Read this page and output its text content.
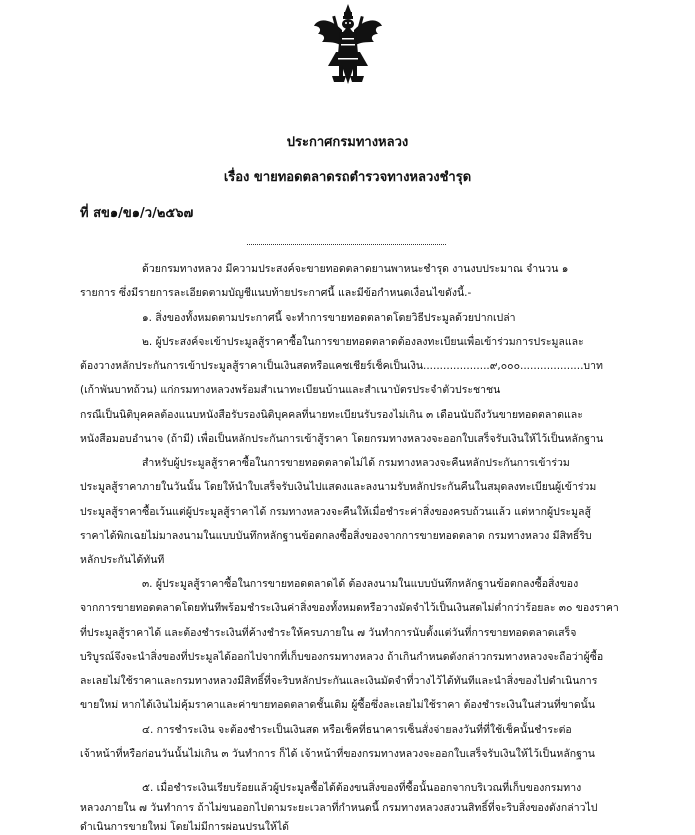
ประกาศกรมทางหลวง
เรื่อง ขายทอดตลาดรถตำรวจทางหลวงชำรุด
ที่ สข๑/ข๑/ว/๒๕๖๗
ด้วยกรมทางหลวง มีความประสงค์จะขายทอดตลาดยานพาหนะชำรุด งานงบประมาณ จำนวน ๑
รายการ ซึ่งมีรายการละเอียดตามบัญชีแนบท้ายประกาศนี้ และมีข้อกำหนดเงื่อนไขดังนี้.-
๑. สิ่งของทั้งหมดตามประกาศนี้ จะทำการขายทอดตลาดโดยวิธีประมูลด้วยปากเปล่า
๒. ผู้ประสงค์จะเข้าประมูลสู้ราคาซื้อในการขายทอดตลาดต้องลงทะเบียนเพื่อเข้าร่วมการประมูลและ
ต้องวางหลักประกันการเข้าประมูลสู้ราคาเป็นเงินสดหรือแคชเชียร์เช็คเป็นเงิน....................๙,๐๐๐...................บาท
(เก้าพันบาทถ้วน) แก่กรมทางหลวงพร้อมสำเนาทะเบียนบ้านและสำเนาบัตรประจำตัวประชาชน
กรณีเป็นนิติบุคคลต้องแนบหนังสือรับรองนิติบุคคลที่นายทะเบียนรับรองไม่เกิน ๓ เดือนนับถึงวันขายทอดตลาดและ
หนังสือมอบอำนาจ (ถ้ามี) เพื่อเป็นหลักประกันการเข้าสู้ราคา โดยกรมทางหลวงจะออกใบเสร็จรับเงินให้ไว้เป็นหลักฐาน
สำหรับผู้ประมูลสู้ราคาซื้อในการขายทอดตลาดไม่ได้ กรมทางหลวงจะคืนหลักประกันการเข้าร่วม
ประมูลสู้ราคาภายในวันนั้น โดยให้นำใบเสร็จรับเงินไปแสดงและลงนามรับหลักประกันคืนในสมุดลงทะเบียนผู้เข้าร่วม
ประมูลสู้ราคาซื้อเว้นแต่ผู้ประมูลสู้ราคาได้ กรมทางหลวงจะคืนให้เมื่อชำระค่าสิ่งของครบถ้วนแล้ว แต่หากผู้ประมูลสู้
ราคาได้พิกเฉยไม่มาลงนามในแบบบันทึกหลักฐานข้อตกลงซื้อสิ่งของจากการขายทอดตลาด กรมทางหลวง มีสิทธิ์ริบ
หลักประกันได้ทันที
๓. ผู้ประมูลสู้ราคาซื้อในการขายทอดตลาดได้ ต้องลงนามในแบบบันทึกหลักฐานข้อตกลงซื้อสิ่งของ
จากการขายทอดตลาดโดยทันทีพร้อมชำระเงินค่าสิ่งของทั้งหมดหรือวางมัดจำไว้เป็นเงินสดไม่ต่ำกว่าร้อยละ ๓๐ ของราคา
ที่ประมูลสู้ราคาได้ และต้องชำระเงินที่ค้างชำระให้ครบภายใน ๗ วันทำการนับตั้งแต่วันที่การขายทอดตลาดเสร็จ
บริบูรณ์จึงจะนำสิ่งของที่ประมูลได้ออกไปจากที่เก็บของกรมทางหลวง ถ้าเกินกำหนดดังกล่าวกรมทางหลวงจะถือว่าผู้ซื้อ
ละเลยไม่ใช้ราคาและกรมทางหลวงมีสิทธิ์ที่จะริบหลักประกันและเงินมัดจำที่วางไว้ได้ทันทีและนำสิ่งของไปดำเนินการ
ขายใหม่ หากได้เงินไม่คุ้มราคาและค่าขายทอดตลาดชั้นเดิม ผู้ซื้อซึ่งละเลยไม่ใช้ราคา ต้องชำระเงินในส่วนที่ขาดนั้น
๔. การชำระเงิน จะต้องชำระเป็นเงินสด หรือเช็คที่ธนาคารเซ็นสั่งจ่ายลงวันที่ที่ใช้เช็คนั้นชำระต่อ
เจ้าหน้าที่หรือก่อนวันนั้นไม่เกิน ๓ วันทำการ ก็ได้ เจ้าหน้าที่ของกรมทางหลวงจะออกใบเสร็จรับเงินให้ไว้เป็นหลักฐาน
๕. เมื่อชำระเงินเรียบร้อยแล้วผู้ประมูลซื้อได้ต้องขนสิ่งของที่ซื้อนั้นออกจากบริเวณที่เก็บของกรมทาง
หลวงภายใน ๗ วันทำการ ถ้าไม่ขนออกไปตามระยะเวลาที่กำหนดนี้ กรมทางหลวงสงวนสิทธิ์ที่จะริบสิ่งของดังกล่าวไป
ดำเนินการขายใหม่ โดยไม่มีการผ่อนปรนให้ได้
